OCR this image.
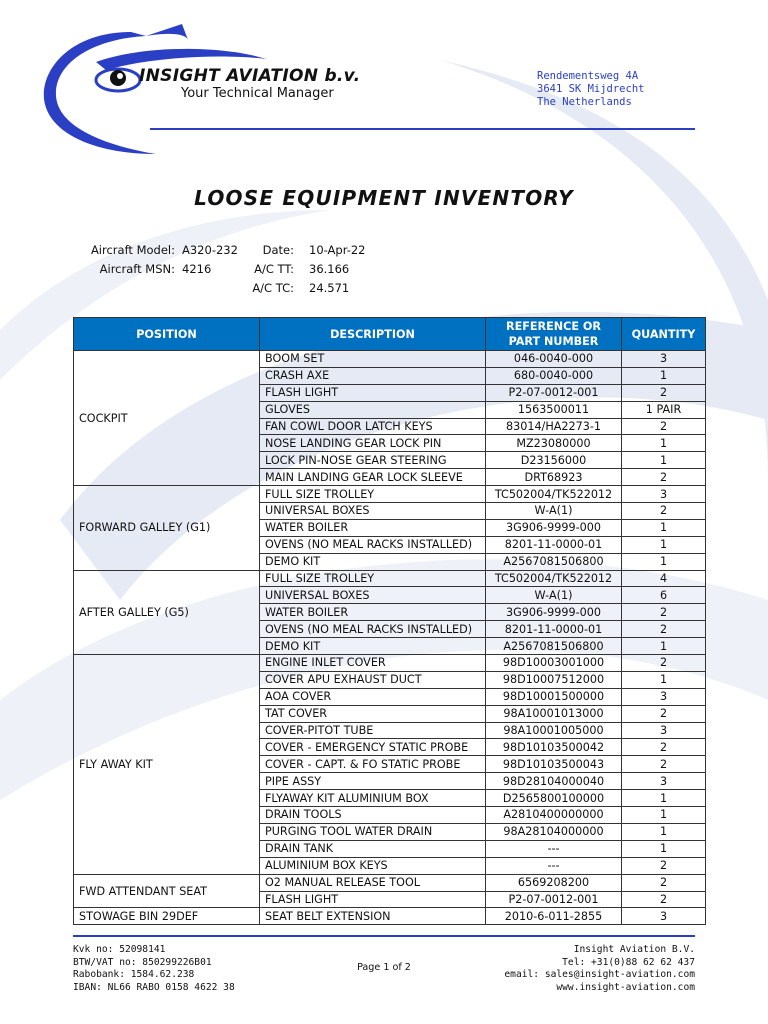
INSIGHT AVIATION b.v.
Your Technical Manager
Rendementsweg 4A
3641 SK Mijdrecht
The Netherlands
LOOSE EQUIPMENT INVENTORY
Aircraft Model:
Aircraft MSN:
A320-232
4216
Date:
A/C TT:
A/C TC:
10-Apr-22
36.166
24.571
POSITION	DESCRIPTION	REFERENCE OR PART NUMBER	QUANTITY
COCKPIT	BOOM SET	046-0040-000	3
	CRASH AXE	680-0040-000	1
	FLASH LIGHT	P2-07-0012-001	2
	GLOVES	1563500011	1 PAIR
	FAN COWL DOOR LATCH KEYS	83014/HA2273-1	2
	NOSE LANDING GEAR LOCK PIN	MZ23080000	1
	LOCK PIN-NOSE GEAR STEERING	D23156000	1
	MAIN LANDING GEAR LOCK SLEEVE	DRT68923	2
FORWARD GALLEY (G1)	FULL SIZE TROLLEY	TC502004/TK522012	3
	UNIVERSAL BOXES	W-A(1)	2
	WATER BOILER	3G906-9999-000	1
	OVENS (NO MEAL RACKS INSTALLED)	8201-11-0000-01	1
	DEMO KIT	A2567081506800	1
AFTER GALLEY (G5)	FULL SIZE TROLLEY	TC502004/TK522012	4
	UNIVERSAL BOXES	W-A(1)	6
	WATER BOILER	3G906-9999-000	2
	OVENS (NO MEAL RACKS INSTALLED)	8201-11-0000-01	2
	DEMO KIT	A2567081506800	1
FLY AWAY KIT	ENGINE INLET COVER	98D10003001000	2
	COVER APU EXHAUST DUCT	98D10007512000	1
	AOA COVER	98D10001500000	3
	TAT COVER	98A10001013000	2
	COVER-PITOT TUBE	98A10001005000	3
	COVER - EMERGENCY STATIC PROBE	98D10103500042	2
	COVER - CAPT. & FO STATIC PROBE	98D10103500043	2
	PIPE ASSY	98D28104000040	3
	FLYAWAY KIT ALUMINIUM BOX	D2565800100000	1
	DRAIN TOOLS	A2810400000000	1
	PURGING TOOL WATER DRAIN	98A28104000000	1
	DRAIN TANK	---	1
	ALUMINIUM BOX KEYS	---	2
FWD ATTENDANT SEAT	O2 MANUAL RELEASE TOOL	6569208200	2
	FLASH LIGHT	P2-07-0012-001	2
STOWAGE BIN 29DEF	SEAT BELT EXTENSION	2010-6-011-2855	3
Kvk no: 52098141
BTW/VAT no: 850299226B01
Rabobank: 1584.62.238
IBAN: NL66 RABO 0158 4622 38
Page 1 of 2
Insight Aviation B.V.
Tel: +31(0)88 62 62 437
email: sales@insight-aviation.com
www.insight-aviation.com
